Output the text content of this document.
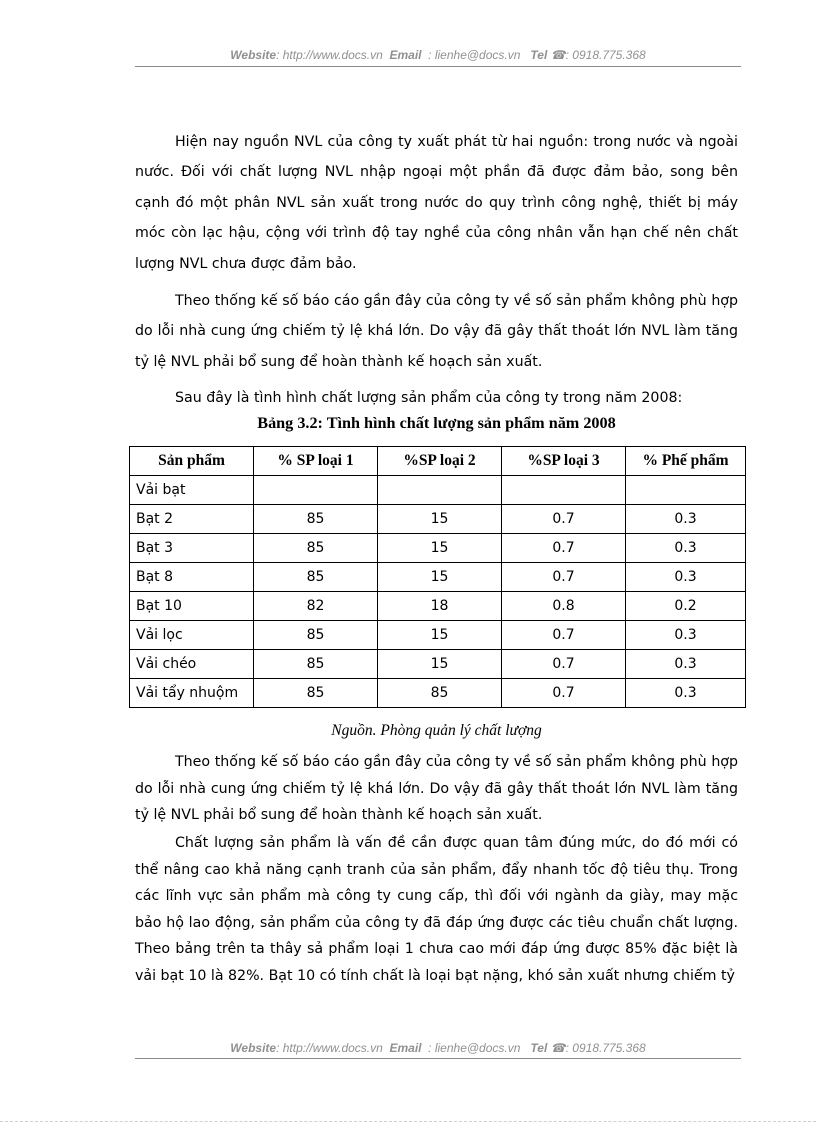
Website: http://www.docs.vn Email : lienhe@docs.vn Tel ☎: 0918.775.368

Hiện nay nguồn NVL của công ty xuất phát từ hai nguồn: trong nước và ngoài nước. Đối với chất lượng NVL nhập ngoại một phần đã được đảm bảo, song bên cạnh đó một phân NVL sản xuất trong nước do quy trình công nghệ, thiết bị máy móc còn lạc hậu, cộng với trình độ tay nghề của công nhân vẫn hạn chế nên chất lượng NVL chưa được đảm bảo.

Theo thống kế số báo cáo gần đây của công ty về số sản phẩm không phù hợp do lỗi nhà cung ứng chiếm tỷ lệ khá lớn. Do vậy đã gây thất thoát lớn NVL làm tăng tỷ lệ NVL phải bổ sung để hoàn thành kế hoạch sản xuất.

Sau đây là tình hình chất lượng sản phẩm của công ty trong năm 2008:

Bảng 3.2: Tình hình chất lượng sản phẩm năm 2008

Sản phẩm	% SP loại 1	%SP loại 2	%SP loại 3	% Phế phẩm
Vải bạt				
Bạt 2	85	15	0.7	0.3
Bạt 3	85	15	0.7	0.3
Bạt 8	85	15	0.7	0.3
Bạt 10	82	18	0.8	0.2
Vải lọc	85	15	0.7	0.3
Vải chéo	85	15	0.7	0.3
Vải tẩy nhuộm	85	85	0.7	0.3

Nguồn. Phòng quản lý chất lượng

Theo thống kế số báo cáo gần đây của công ty về số sản phẩm không phù hợp do lỗi nhà cung ứng chiếm tỷ lệ khá lớn. Do vậy đã gây thất thoát lớn NVL làm tăng tỷ lệ NVL phải bổ sung để hoàn thành kế hoạch sản xuất.

Chất lượng sản phẩm là vấn đề cần được quan tâm đúng mức, do đó mới có thể nâng cao khả năng cạnh tranh của sản phẩm, đẩy nhanh tốc độ tiêu thụ. Trong các lĩnh vực sản phẩm mà công ty cung cấp, thì đối với ngành da giày, may mặc bảo hộ lao động, sản phẩm của công ty đã đáp ứng được các tiêu chuẩn chất lượng. Theo bảng trên ta thây sả phẩm loại 1 chưa cao mới đáp ứng được 85% đặc biệt là vải bạt 10 là 82%. Bạt 10 có tính chất là loại bạt nặng, khó sản xuất nhưng chiếm tỷ

Website: http://www.docs.vn Email : lienhe@docs.vn Tel ☎: 0918.775.368
